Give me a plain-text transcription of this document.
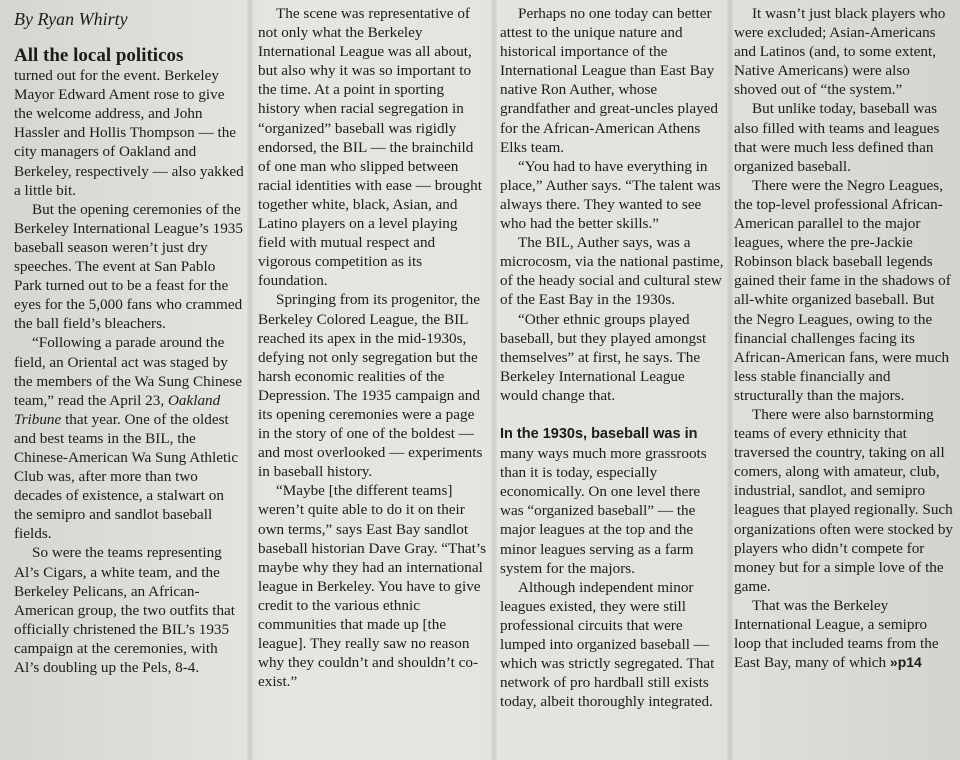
By Ryan Whirty

All the local politicos
turned out for the event. Berkeley Mayor Edward Ament rose to give the welcome address, and John Hassler and Hollis Thompson — the city managers of Oakland and Berkeley, respectively — also yakked a little bit.

But the opening ceremonies of the Berkeley International League’s 1935 baseball season weren’t just dry speeches. The event at San Pablo Park turned out to be a feast for the eyes for the 5,000 fans who crammed the ball field’s bleachers.

“Following a parade around the field, an Oriental act was staged by the members of the Wa Sung Chinese team,” read the April 23, Oakland Tribune that year. One of the oldest and best teams in the BIL, the Chinese-American Wa Sung Athletic Club was, after more than two decades of existence, a stalwart on the semipro and sandlot baseball fields.

So were the teams representing Al’s Cigars, a white team, and the Berkeley Pelicans, an African-American group, the two outfits that officially christened the BIL’s 1935 campaign at the ceremonies, with Al’s doubling up the Pels, 8-4.

The scene was representative of not only what the Berkeley International League was all about, but also why it was so important to the time. At a point in sporting history when racial segregation in “organized” baseball was rigidly endorsed, the BIL — the brainchild of one man who slipped between racial identities with ease — brought together white, black, Asian, and Latino players on a level playing field with mutual respect and vigorous competition as its foundation.

Springing from its progenitor, the Berkeley Colored League, the BIL reached its apex in the mid-1930s, defying not only segregation but the harsh economic realities of the Depression. The 1935 campaign and its opening ceremonies were a page in the story of one of the boldest — and most overlooked — experiments in baseball history.

“Maybe [the different teams] weren’t quite able to do it on their own terms,” says East Bay sandlot baseball historian Dave Gray. “That’s maybe why they had an international league in Berkeley. You have to give credit to the various ethnic communities that made up [the league]. They really saw no reason why they couldn’t and shouldn’t co-exist.”

Perhaps no one today can better attest to the unique nature and historical importance of the International League than East Bay native Ron Auther, whose grandfather and great-uncles played for the African-American Athens Elks team.

“You had to have everything in place,” Auther says. “The talent was always there. They wanted to see who had the better skills.”

The BIL, Auther says, was a microcosm, via the national pastime, of the heady social and cultural stew of the East Bay in the 1930s.

“Other ethnic groups played baseball, but they played amongst themselves” at first, he says. The Berkeley International League would change that.

In the 1930s, baseball was in many ways much more grassroots than it is today, especially economically. On one level there was “organized baseball” — the major leagues at the top and the minor leagues serving as a farm system for the majors.

Although independent minor leagues existed, they were still professional circuits that were lumped into organized baseball — which was strictly segregated. That network of pro hardball still exists today, albeit thoroughly integrated.

It wasn’t just black players who were excluded; Asian-Americans and Latinos (and, to some extent, Native Americans) were also shoved out of “the system.”

But unlike today, baseball was also filled with teams and leagues that were much less defined than organized baseball.

There were the Negro Leagues, the top-level professional African-American parallel to the major leagues, where the pre-Jackie Robinson black baseball legends gained their fame in the shadows of all-white organized baseball. But the Negro Leagues, owing to the financial challenges facing its African-American fans, were much less stable financially and structurally than the majors.

There were also barnstorming teams of every ethnicity that traversed the country, taking on all comers, along with amateur, club, industrial, sandlot, and semipro leagues that played regionally. Such organizations often were stocked by players who didn’t compete for money but for a simple love of the game.

That was the Berkeley International League, a semipro loop that included teams from the East Bay, many of which »p14
